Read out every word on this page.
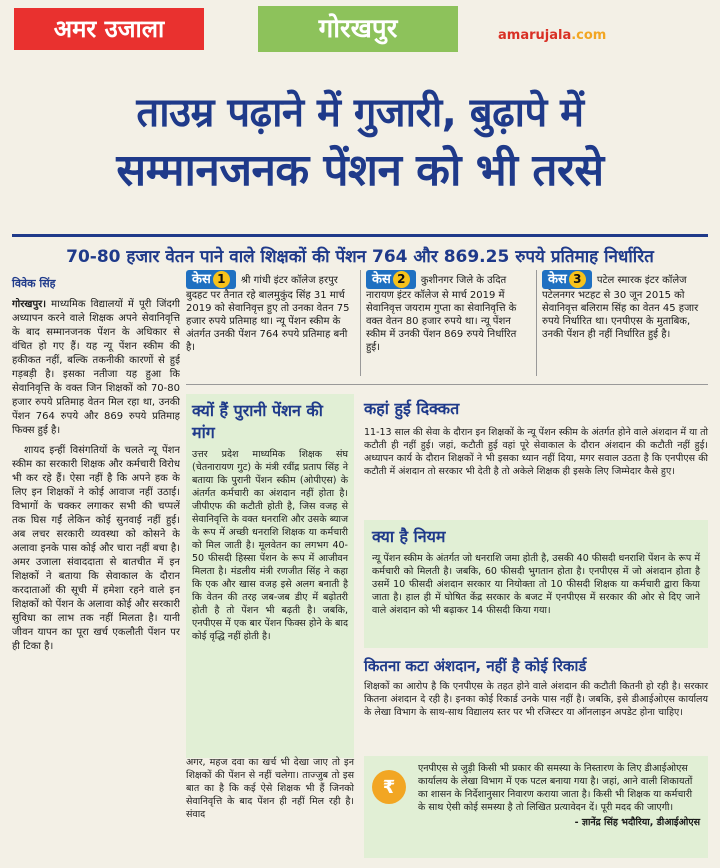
अमर उजाला	गोरखपुर	amarujala.com
ताउम्र पढ़ाने में गुजारी, बुढ़ापे में
सम्मानजनक पेंशन को भी तरसे
70-80 हजार वेतन पाने वाले शिक्षकों की पेंशन 764 और 869.25 रुपये प्रतिमाह निर्धारित
विवेक सिंह

गोरखपुर। माध्यमिक विद्यालयों में पूरी जिंदगी अध्यापन करने वाले शिक्षक अपने सेवानिवृत्ति के बाद सम्मानजनक पेंशन के अधिकार से वंचित हो गए हैं। यह न्यू पेंशन स्कीम की हकीकत नहीं, बल्कि तकनीकी कारणों से हुई गड़बड़ी है। इसका नतीजा यह हुआ कि सेवानिवृत्ति के वक्त जिन शिक्षकों को 70-80 हजार रुपये प्रतिमाह वेतन मिल रहा था, उनकी पेंशन 764 रुपये और 869 रुपये प्रतिमाह फिक्स हुई है।

शायद इन्हीं विसंगतियों के चलते न्यू पेंशन स्कीम का सरकारी शिक्षक और कर्मचारी विरोध भी कर रहे हैं। ऐसा नहीं है कि अपने हक के लिए इन शिक्षकों ने कोई आवाज नहीं उठाई। विभागों के चक्कर लगाकर सभी की चप्पलें तक घिस गईं लेकिन कोई सुनवाई नहीं हुई। अब लचर सरकारी व्यवस्था को कोसने के अलावा इनके पास कोई और चारा नहीं बचा है। अमर उजाला संवाददाता से बातचीत में इन शिक्षकों ने बताया कि सेवाकाल के दौरान करदाताओं की सूची में हमेशा रहने वाले इन शिक्षकों को पेंशन के अलावा कोई और सरकारी सुविधा का लाभ तक नहीं मिलता है। यानी जीवन यापन का पूरा खर्च एकलौती पेंशन पर ही टिका है।

केस 1 श्री गांधी इंटर कॉलेज हरपुर बुदहट पर तैनात रहे बालमुकुंद सिंह 31 मार्च 2019 को सेवानिवृत्त हुए तो उनका वेतन 75 हजार रुपये प्रतिमाह था। न्यू पेंशन स्कीम के अंतर्गत उनकी पेंशन 764 रुपये प्रतिमाह बनी है।
केस 2 कुशीनगर जिले के उदित नारायण इंटर कॉलेज से मार्च 2019 में सेवानिवृत्त जयराम गुप्ता का सेवानिवृत्ति के वक्त वेतन 80 हजार रुपये था। न्यू पेंशन स्कीम में उनकी पेंशन 869 रुपये निर्धारित हुई।
केस 3 पटेल स्मारक इंटर कॉलेज पटेलनगर भटहट से 30 जून 2015 को सेवानिवृत्त बलिराम सिंह का वेतन 45 हजार रुपये निर्धारित था। एनपीएस के मुताबिक, उनकी पेंशन ही नहीं निर्धारित हुई है।
क्यों हैं पुरानी पेंशन की मांग
उत्तर प्रदेश माध्यमिक शिक्षक संघ (चेतनारायण गुट) के मंत्री रवींद्र प्रताप सिंह ने बताया कि पुरानी पेंशन स्कीम (ओपीएस) के अंतर्गत कर्मचारी का अंशदान नहीं होता है। जीपीएफ की कटौती होती है, जिस वजह से सेवानिवृत्ति के वक्त धनराशि और उसके ब्याज के रूप में अच्छी धनराशि शिक्षक या कर्मचारी को मिल जाती है। मूलवेतन का लगभग 40-50 फीसदी हिस्सा पेंशन के रूप में आजीवन मिलता है। मंडलीय मंत्री रणजीत सिंह ने कहा कि एक और खास वजह इसे अलग बनाती है कि वेतन की तरह जब-जब डीए में बढ़ोतरी होती है तो पेंशन भी बढ़ती है। जबकि, एनपीएस में एक बार पेंशन फिक्स होने के बाद कोई वृद्धि नहीं होती है।
कहां हुई दिक्कत
11-13 साल की सेवा के दौरान इन शिक्षकों के न्यू पेंशन स्कीम के अंतर्गत होने वाले अंशदान में या तो कटौती ही नहीं हुई। जहां, कटौती हुई वहां पूरे सेवाकाल के दौरान अंशदान की कटौती नहीं हुई। अध्यापन कार्य के दौरान शिक्षकों ने भी इसका ध्यान नहीं दिया, मगर सवाल उठता है कि एनपीएस की कटौती में अंशदान तो सरकार भी देती है तो अकेले शिक्षक ही इसके लिए जिम्मेदार कैसे हुए।
क्या है नियम
न्यू पेंशन स्कीम के अंतर्गत जो धनराशि जमा होती है, उसकी 40 फीसदी धनराशि पेंशन के रूप में कर्मचारी को मिलती है। जबकि, 60 फीसदी भुगतान होता है। एनपीएस में जो अंशदान होता है उसमें 10 फीसदी अंशदान सरकार या नियोक्ता तो 10 फीसदी शिक्षक या कर्मचारी द्वारा किया जाता है। हाल ही में घोषित केंद्र सरकार के बजट में एनपीएस में सरकार की ओर से दिए जाने वाले अंशदान को भी बढ़ाकर 14 फीसदी किया गया।
कितना कटा अंशदान, नहीं है कोई रिकार्ड
शिक्षकों का आरोप है कि एनपीएस के तहत होने वाले अंशदान की कटौती कितनी हो रही है। सरकार कितना अंशदान दे रही है। इनका कोई रिकार्ड उनके पास नहीं है। जबकि, इसे डीआईओएस कार्यालय के लेखा विभाग के साथ-साथ विद्यालय स्तर पर भी रजिस्टर या ऑनलाइन अपडेट होना चाहिए।
अगर, महज दवा का खर्च भी देखा जाए तो इन शिक्षकों की पेंशन से नहीं चलेगा। ताज्जुब तो इस बात का है कि कई ऐसे शिक्षक भी हैं जिनको सेवानिवृत्ति के बाद पेंशन ही नहीं मिल रही है। संवाद
₹
एनपीएस से जुड़ी किसी भी प्रकार की समस्या के निस्तारण के लिए डीआईओएस कार्यालय के लेखा विभाग में एक पटल बनाया गया है। जहां, आने वाली शिकायतों का शासन के निर्देशानुसार निवारण कराया जाता है। किसी भी शिक्षक या कर्मचारी के साथ ऐसी कोई समस्या है तो लिखित प्रत्यावेदन दें। पूरी मदद की जाएगी।
- ज्ञानेंद्र सिंह भदौरिया, डीआईओएस
